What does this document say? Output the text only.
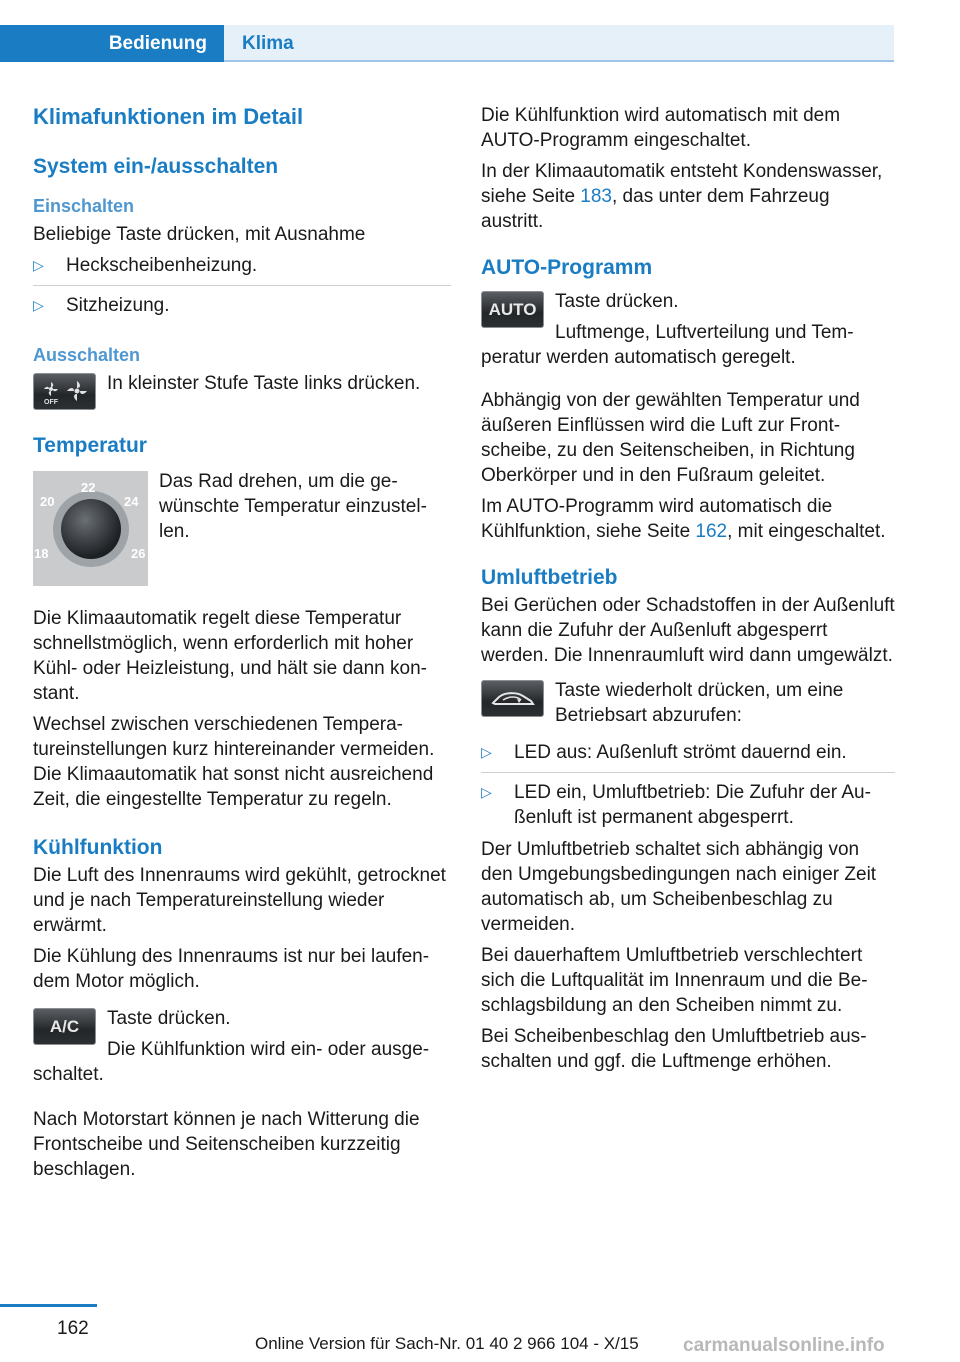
Bedienung Klima
Klimafunktionen im Detail
System ein-/ausschalten
Einschalten

Beliebige Taste drücken, mit Ausnahme

▷ Heckscheibenheizung.
▷ Sitzheizung.
Ausschalten
OFF
In kleinster Stufe Taste links drücken.
Temperatur
22
20	24
18	26
Das Rad drehen, um die gewünschte Temperatur einzustellen.

Die Klimaautomatik regelt diese Temperatur schnellstmöglich, wenn erforderlich mit hoher Kühl- oder Heizleistung, und hält sie dann konstant.

Wechsel zwischen verschiedenen Temperatureinstellungen kurz hintereinander vermeiden. Die Klimaautomatik hat sonst nicht ausreichend Zeit, die eingestellte Temperatur zu regeln.

Kühlfunktion

Die Luft des Innenraums wird gekühlt, getrocknet und je nach Temperatureinstellung wieder erwärmt.

Die Kühlung des Innenraums ist nur bei laufendem Motor möglich.

A/C	Taste drücken.

Die Kühlfunktion wird ein- oder ausgeschaltet.

Nach Motorstart können je nach Witterung die Frontscheibe und Seitenscheiben kurzzeitig beschlagen.

Die Kühlfunktion wird automatisch mit dem AUTO-Programm eingeschaltet.

In der Klimaautomatik entsteht Kondenswasser, siehe Seite 183, das unter dem Fahrzeug austritt.

AUTO-Programm
AUTO Taste drücken.

Luftmenge, Luftverteilung und Temperatur werden automatisch geregelt.

Abhängig von der gewählten Temperatur und äußeren Einflüssen wird die Luft zur Frontscheibe, zu den Seitenscheiben, in Richtung Oberkörper und in den Fußraum geleitet.

Im AUTO-Programm wird automatisch die Kühlfunktion, siehe Seite 162, mit eingeschaltet.

Umluftbetrieb

Bei Gerüchen oder Schadstoffen in der Außenluft kann die Zufuhr der Außenluft abgesperrt werden. Die Innenraumluft wird dann umgewälzt.

Taste wiederholt drücken, um eine Betriebsart abzurufen:
▷ LED aus: Außenluft strömt dauernd ein.
▷ LED ein, Umluftbetrieb: Die Zufuhr der Außenluft ist permanent abgesperrt.

Der Umluftbetrieb schaltet sich abhängig von den Umgebungsbedingungen nach einiger Zeit automatisch ab, um Scheibenbeschlag zu vermeiden.

Bei dauerhaftem Umluftbetrieb verschlechtert sich die Luftqualität im Innenraum und die Beschlagsbildung an den Scheiben nimmt zu.

Bei Scheibenbeschlag den Umluftbetrieb ausschalten und ggf. die Luftmenge erhöhen.

162
Online Version für Sach-Nr. 01 40 2 966 104 - X/15 carmanualsonline.info
